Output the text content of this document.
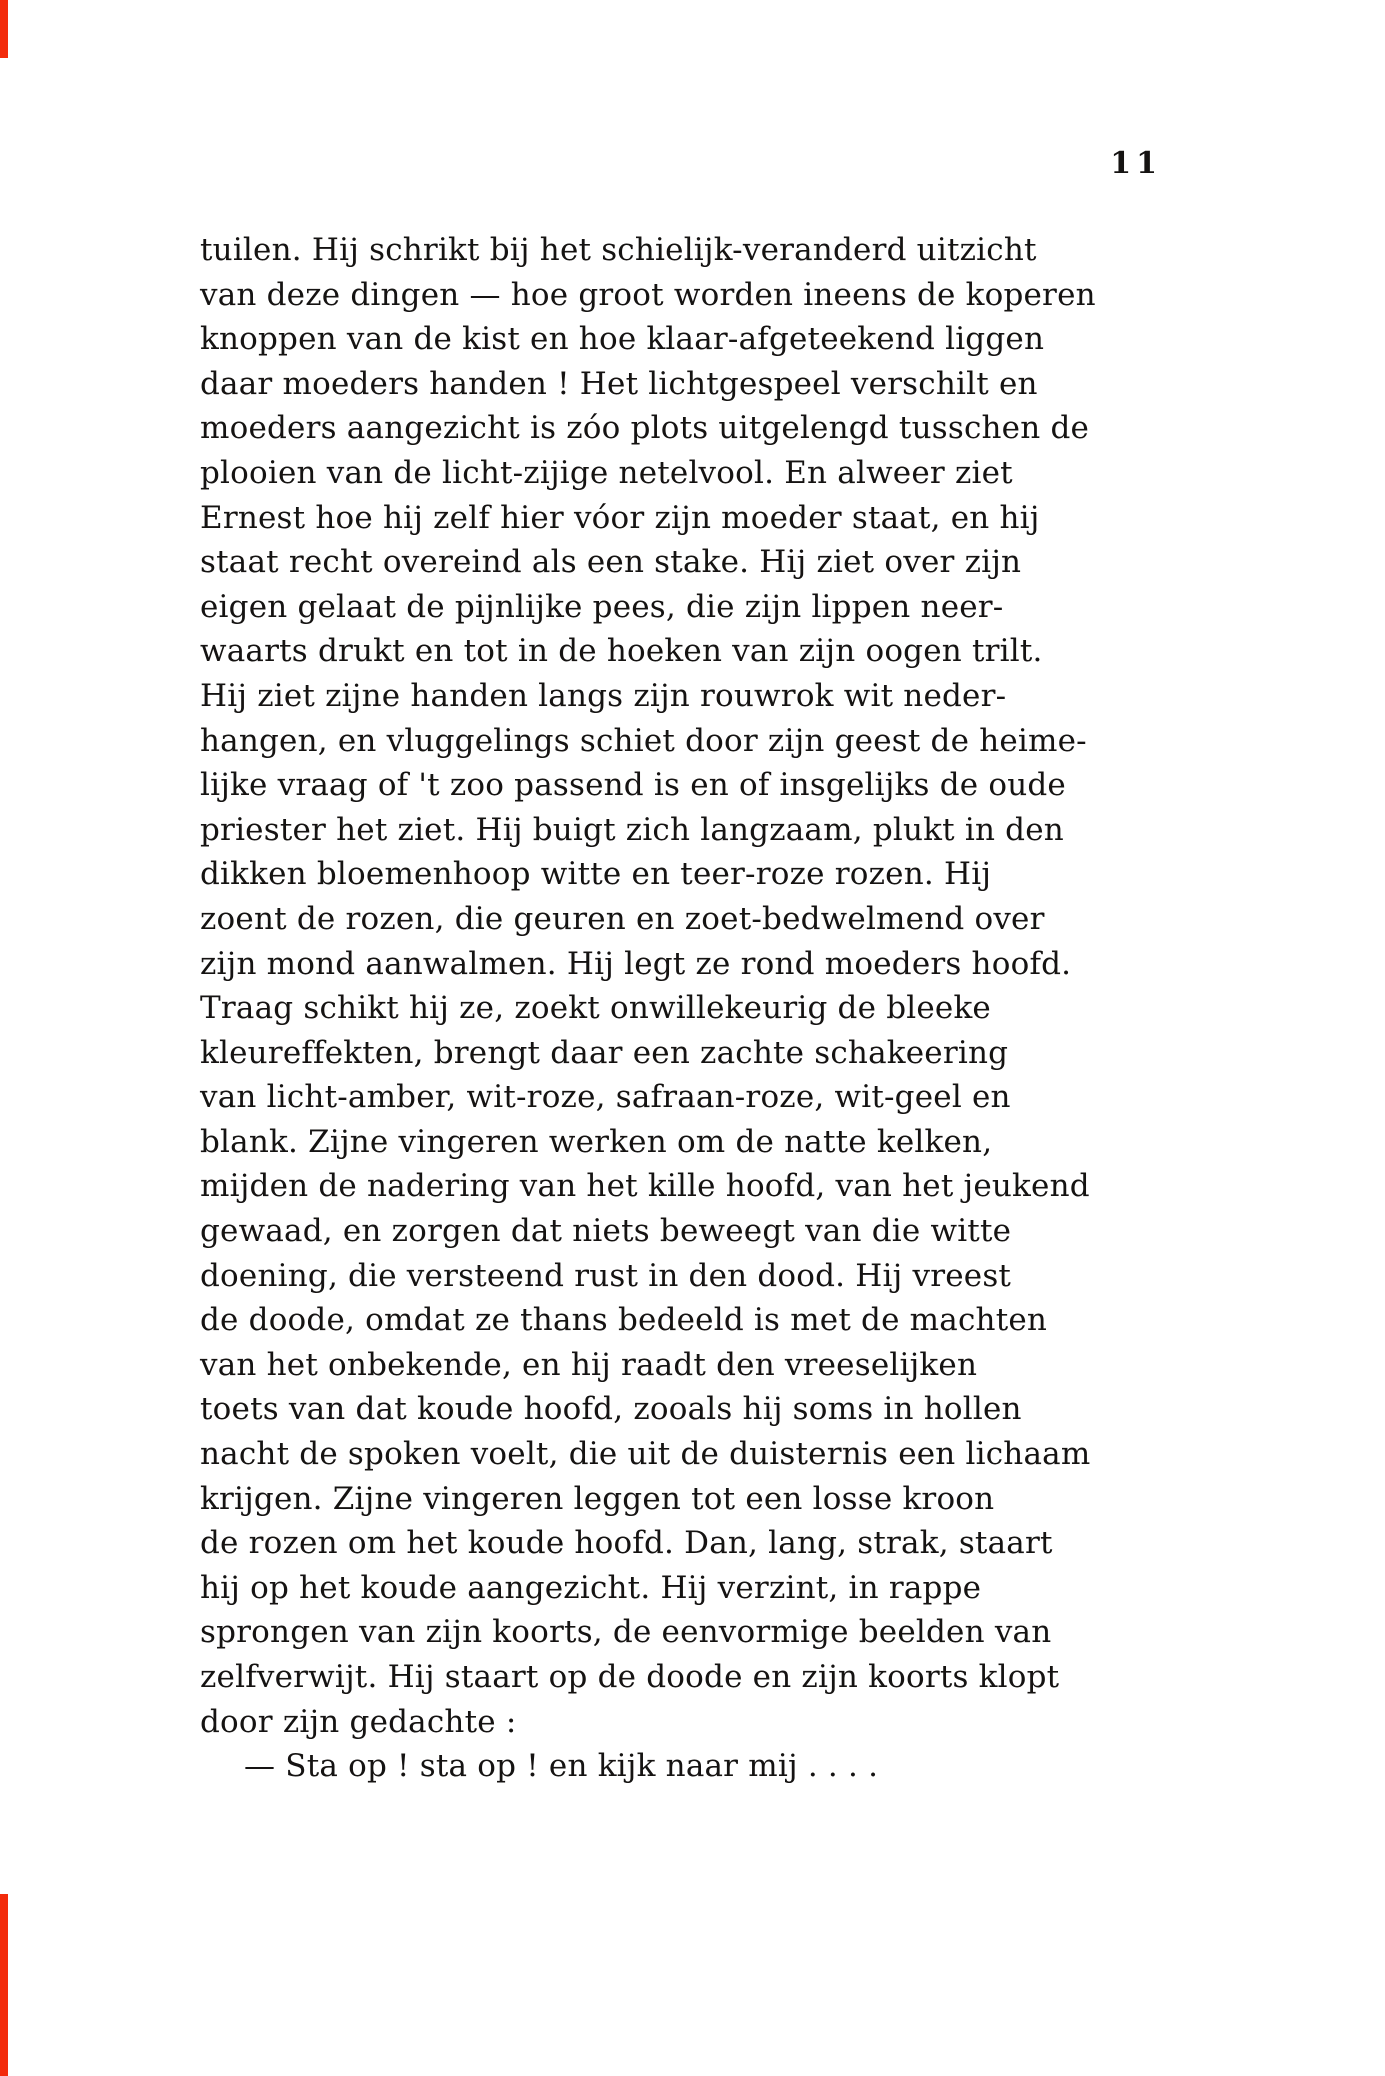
11
tuilen. Hij schrikt bij het schielijk-veranderd uitzicht
van deze dingen — hoe groot worden ineens de koperen
knoppen van de kist en hoe klaar-afgeteekend liggen
daar moeders handen ! Het lichtgespeel verschilt en
moeders aangezicht is zóo plots uitgelengd tusschen de
plooien van de licht-zijige netelvool. En alweer ziet
Ernest hoe hij zelf hier vóor zijn moeder staat, en hij
staat recht overeind als een stake. Hij ziet over zijn
eigen gelaat de pijnlijke pees, die zijn lippen neer-
waarts drukt en tot in de hoeken van zijn oogen trilt.
Hij ziet zijne handen langs zijn rouwrok wit neder-
hangen, en vluggelings schiet door zijn geest de heime-
lijke vraag of 't zoo passend is en of insgelijks de oude
priester het ziet. Hij buigt zich langzaam, plukt in den
dikken bloemenhoop witte en teer-roze rozen. Hij
zoent de rozen, die geuren en zoet-bedwelmend over
zijn mond aanwalmen. Hij legt ze rond moeders hoofd.
Traag schikt hij ze, zoekt onwillekeurig de bleeke
kleureffekten, brengt daar een zachte schakeering
van licht-amber, wit-roze, safraan-roze, wit-geel en
blank. Zijne vingeren werken om de natte kelken,
mijden de nadering van het kille hoofd, van het jeukend
gewaad, en zorgen dat niets beweegt van die witte
doening, die versteend rust in den dood. Hij vreest
de doode, omdat ze thans bedeeld is met de machten
van het onbekende, en hij raadt den vreeselijken
toets van dat koude hoofd, zooals hij soms in hollen
nacht de spoken voelt, die uit de duisternis een lichaam
krijgen. Zijne vingeren leggen tot een losse kroon
de rozen om het koude hoofd. Dan, lang, strak, staart
hij op het koude aangezicht. Hij verzint, in rappe
sprongen van zijn koorts, de eenvormige beelden van
zelfverwijt. Hij staart op de doode en zijn koorts klopt
door zijn gedachte :
— Sta op ! sta op ! en kijk naar mij . . . .
